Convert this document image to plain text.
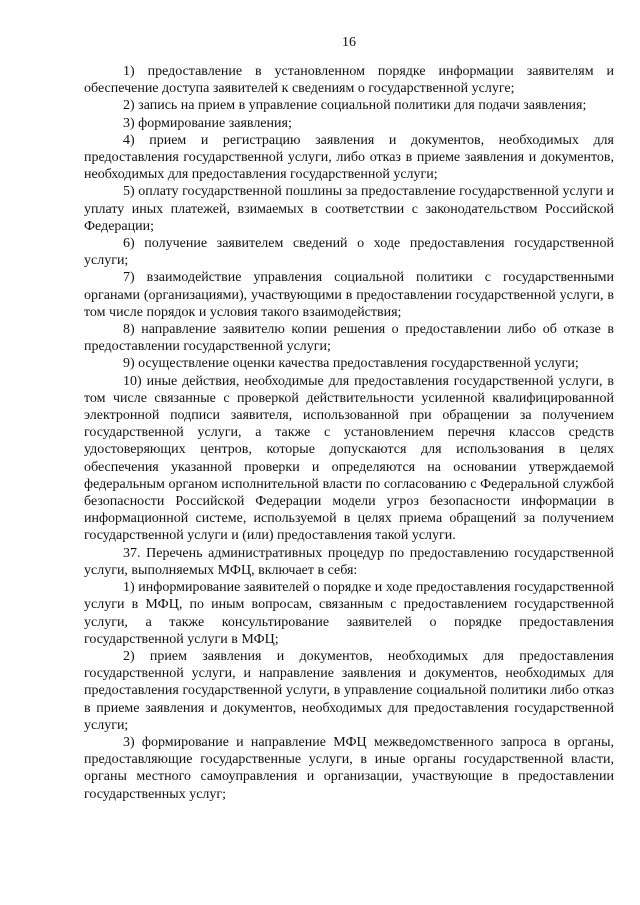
16

1) предоставление в установленном порядке информации заявителям и обеспечение доступа заявителей к сведениям о государственной услуге;

2) запись на прием в управление социальной политики для подачи заявления;

3) формирование заявления;

4) прием и регистрацию заявления и документов, необходимых для предоставления государственной услуги, либо отказ в приеме заявления и документов, необходимых для предоставления государственной услуги;

5) оплату государственной пошлины за предоставление государственной услуги и уплату иных платежей, взимаемых в соответствии с законодательством Российской Федерации;

6) получение заявителем сведений о ходе предоставления государственной услуги;

7) взаимодействие управления социальной политики с государственными органами (организациями), участвующими в предоставлении государственной услуги, в том числе порядок и условия такого взаимодействия;

8) направление заявителю копии решения о предоставлении либо об отказе в предоставлении государственной услуги;

9) осуществление оценки качества предоставления государственной услуги;

10) иные действия, необходимые для предоставления государственной услуги, в том числе связанные с проверкой действительности усиленной квалифицированной электронной подписи заявителя, использованной при обращении за получением государственной услуги, а также с установлением перечня классов средств удостоверяющих центров, которые допускаются для использования в целях обеспечения указанной проверки и определяются на основании утверждаемой федеральным органом исполнительной власти по согласованию с Федеральной службой безопасности Российской Федерации модели угроз безопасности информации в информационной системе, используемой в целях приема обращений за получением государственной услуги и (или) предоставления такой услуги.

37. Перечень административных процедур по предоставлению государственной услуги, выполняемых МФЦ, включает в себя:

1) информирование заявителей о порядке и ходе предоставления государственной услуги в МФЦ, по иным вопросам, связанным с предоставлением государственной услуги, а также консультирование заявителей о порядке предоставления государственной услуги в МФЦ;

2) прием заявления и документов, необходимых для предоставления государственной услуги, и направление заявления и документов, необходимых для предоставления государственной услуги, в управление социальной политики либо отказ в приеме заявления и документов, необходимых для предоставления государственной услуги;

3) формирование и направление МФЦ межведомственного запроса в органы, предоставляющие государственные услуги, в иные органы государственной власти, органы местного самоуправления и организации, участвующие в предоставлении государственных услуг;
